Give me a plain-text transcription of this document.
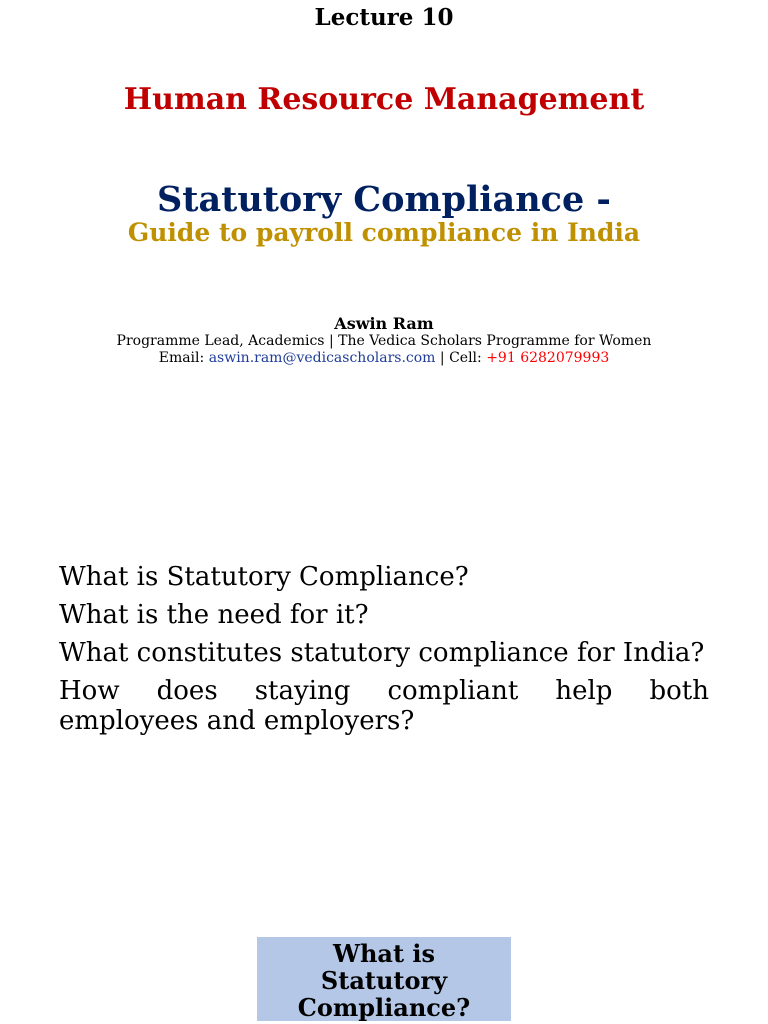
Lecture 10
Human Resource Management
Statutory Compliance -
Guide to payroll compliance in India
Aswin Ram
Programme Lead, Academics | The Vedica Scholars Programme for Women
Email: aswin.ram@vedicascholars.com | Cell: +91 6282079993
What is Statutory Compliance?
What is the need for it?
What constitutes statutory compliance for India?
How does staying compliant help both employees and employers?
What is
Statutory
Compliance?
